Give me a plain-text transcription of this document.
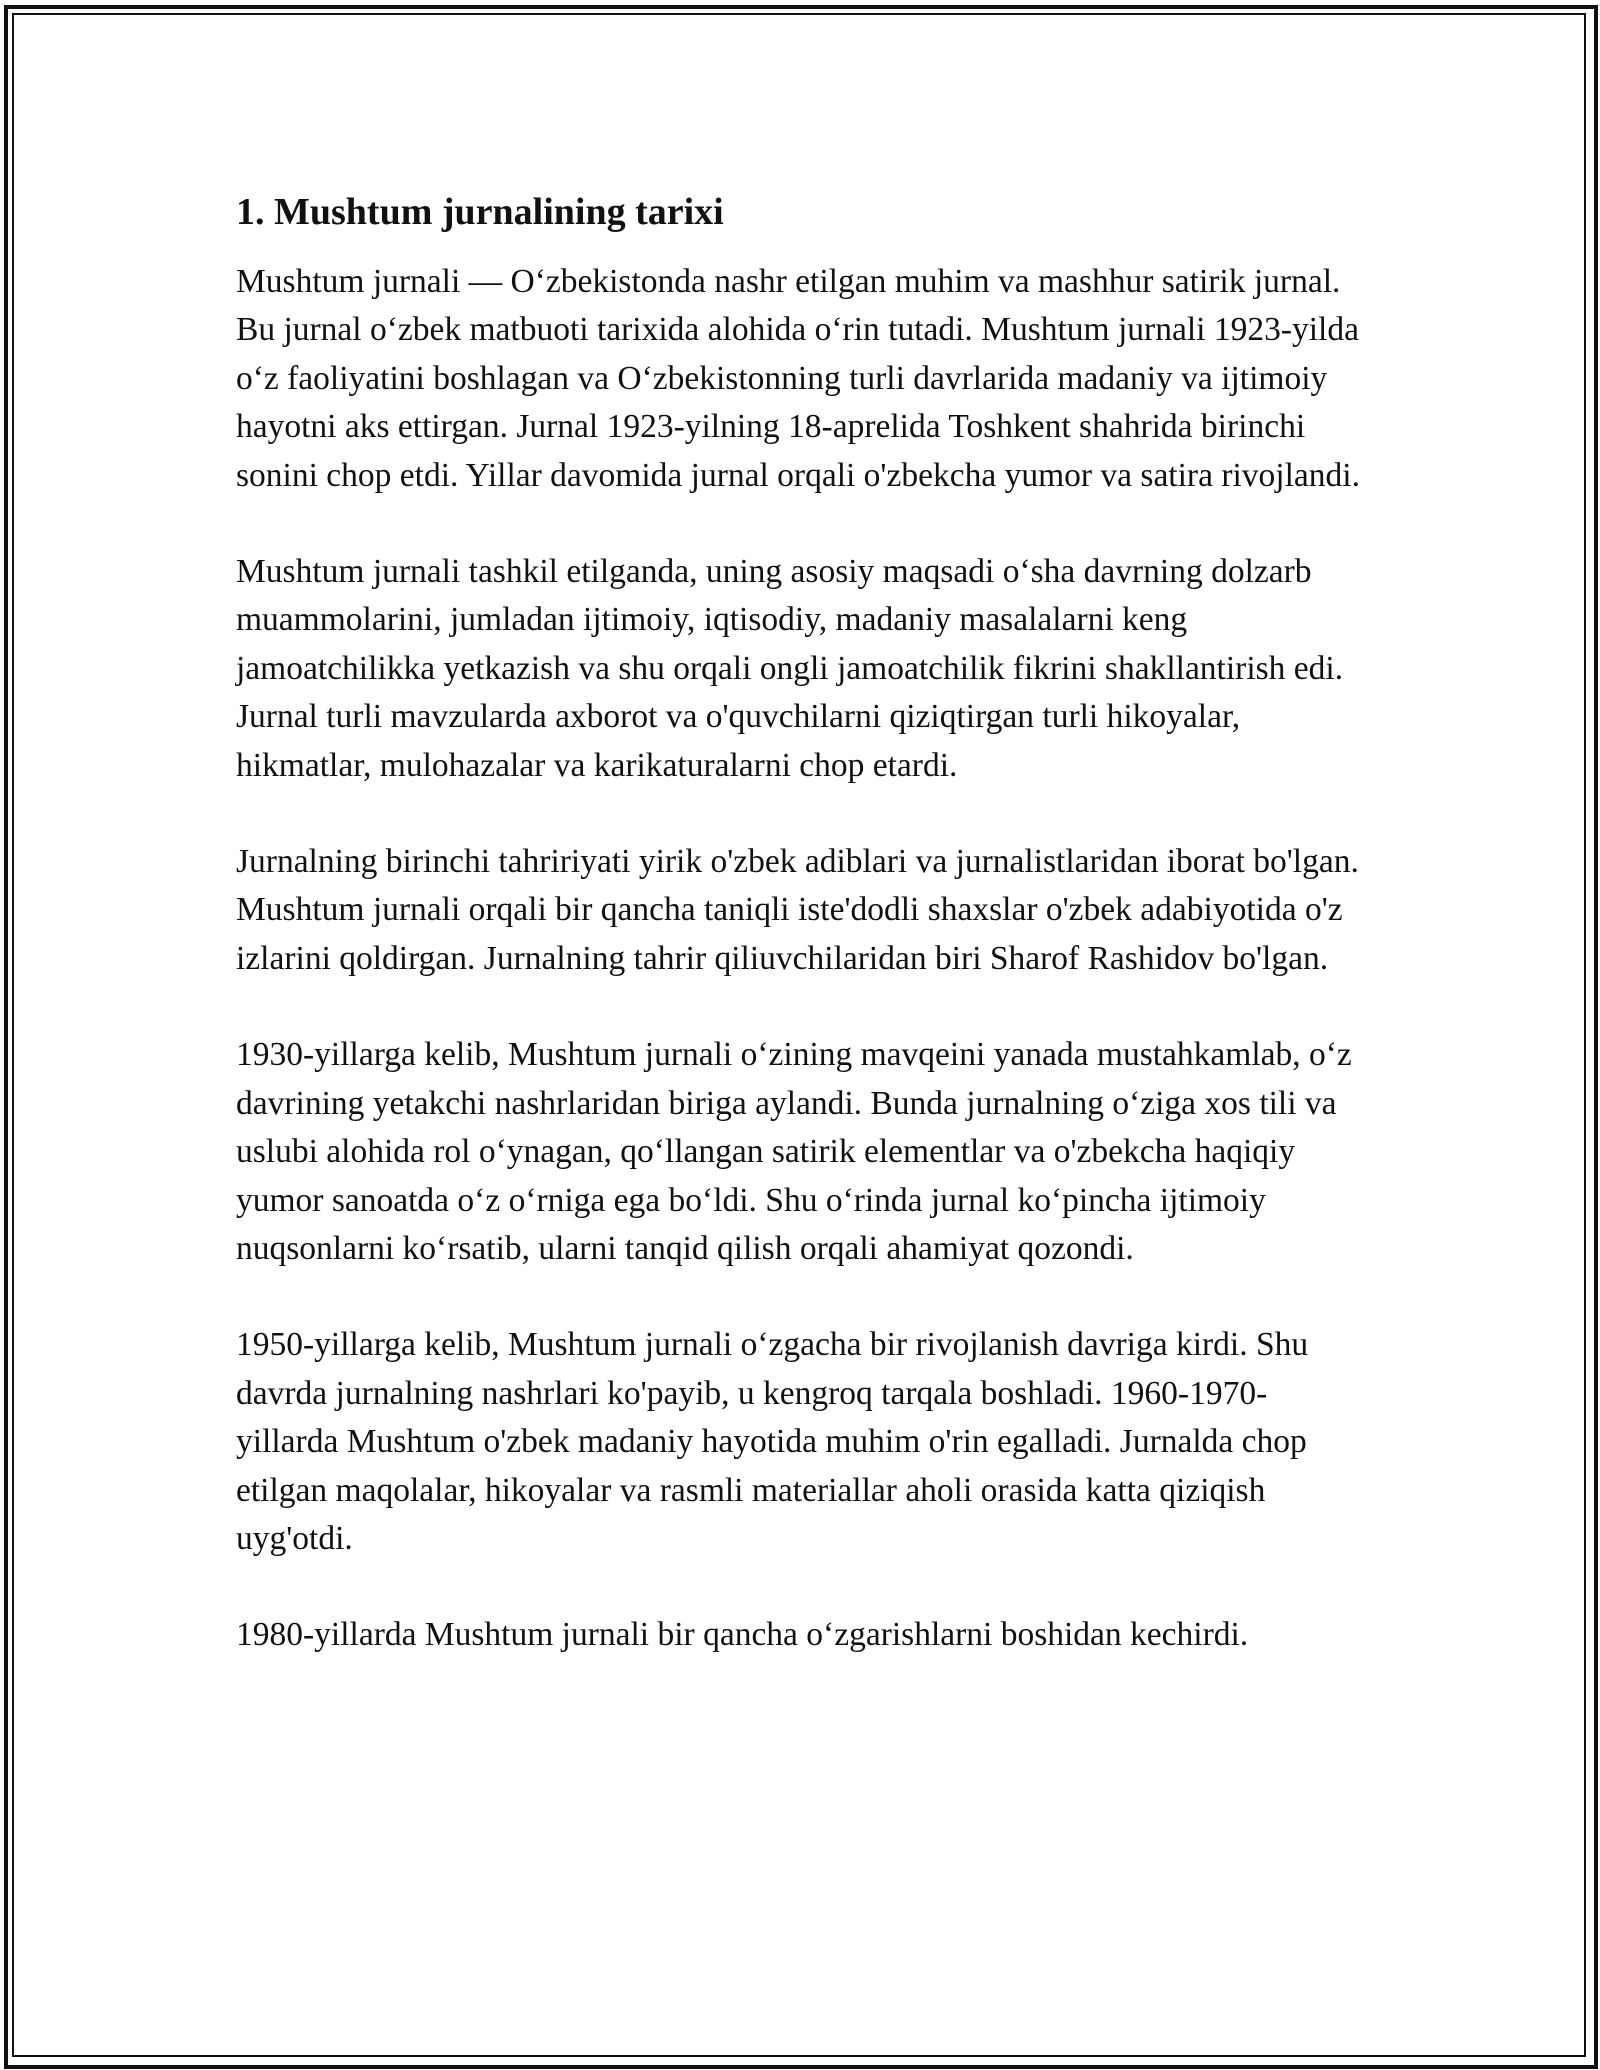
1. Mushtum jurnalining tarixi

Mushtum jurnali — Oʻzbekistonda nashr etilgan muhim va mashhur satirik jurnal. Bu jurnal oʻzbek matbuoti tarixida alohida oʻrin tutadi. Mushtum jurnali 1923-yilda oʻz faoliyatini boshlagan va Oʻzbekistonning turli davrlarida madaniy va ijtimoiy hayotni aks ettirgan. Jurnal 1923-yilning 18-aprelida Toshkent shahrida birinchi sonini chop etdi. Yillar davomida jurnal orqali o'zbekcha yumor va satira rivojlandi.

Mushtum jurnali tashkil etilganda, uning asosiy maqsadi oʻsha davrning dolzarb muammolarini, jumladan ijtimoiy, iqtisodiy, madaniy masalalarni keng jamoatchilikka yetkazish va shu orqali ongli jamoatchilik fikrini shakllantirish edi. Jurnal turli mavzularda axborot va o'quvchilarni qiziqtirgan turli hikoyalar, hikmatlar, mulohazalar va karikaturalarni chop etardi.

Jurnalning birinchi tahririyati yirik o'zbek adiblari va jurnalistlaridan iborat bo'lgan. Mushtum jurnali orqali bir qancha taniqli iste'dodli shaxslar o'zbek adabiyotida o'z izlarini qoldirgan. Jurnalning tahrir qiliuvchilaridan biri Sharof Rashidov bo'lgan.

1930-yillarga kelib, Mushtum jurnali oʻzining mavqeini yanada mustahkamlab, oʻz davrining yetakchi nashrlaridan biriga aylandi. Bunda jurnalning oʻziga xos tili va uslubi alohida rol oʻynagan, qoʻllangan satirik elementlar va o'zbekcha haqiqiy yumor sanoatda oʻz oʻrniga ega boʻldi. Shu oʻrinda jurnal koʻpincha ijtimoiy nuqsonlarni koʻrsatib, ularni tanqid qilish orqali ahamiyat qozondi.

1950-yillarga kelib, Mushtum jurnali oʻzgacha bir rivojlanish davriga kirdi. Shu davrda jurnalning nashrlari ko'payib, u kengroq tarqala boshladi. 1960-1970-yillarda Mushtum o'zbek madaniy hayotida muhim o'rin egalladi. Jurnalda chop etilgan maqolalar, hikoyalar va rasmli materiallar aholi orasida katta qiziqish uyg'otdi.

1980-yillarda Mushtum jurnali bir qancha oʻzgarishlarni boshidan kechirdi.
